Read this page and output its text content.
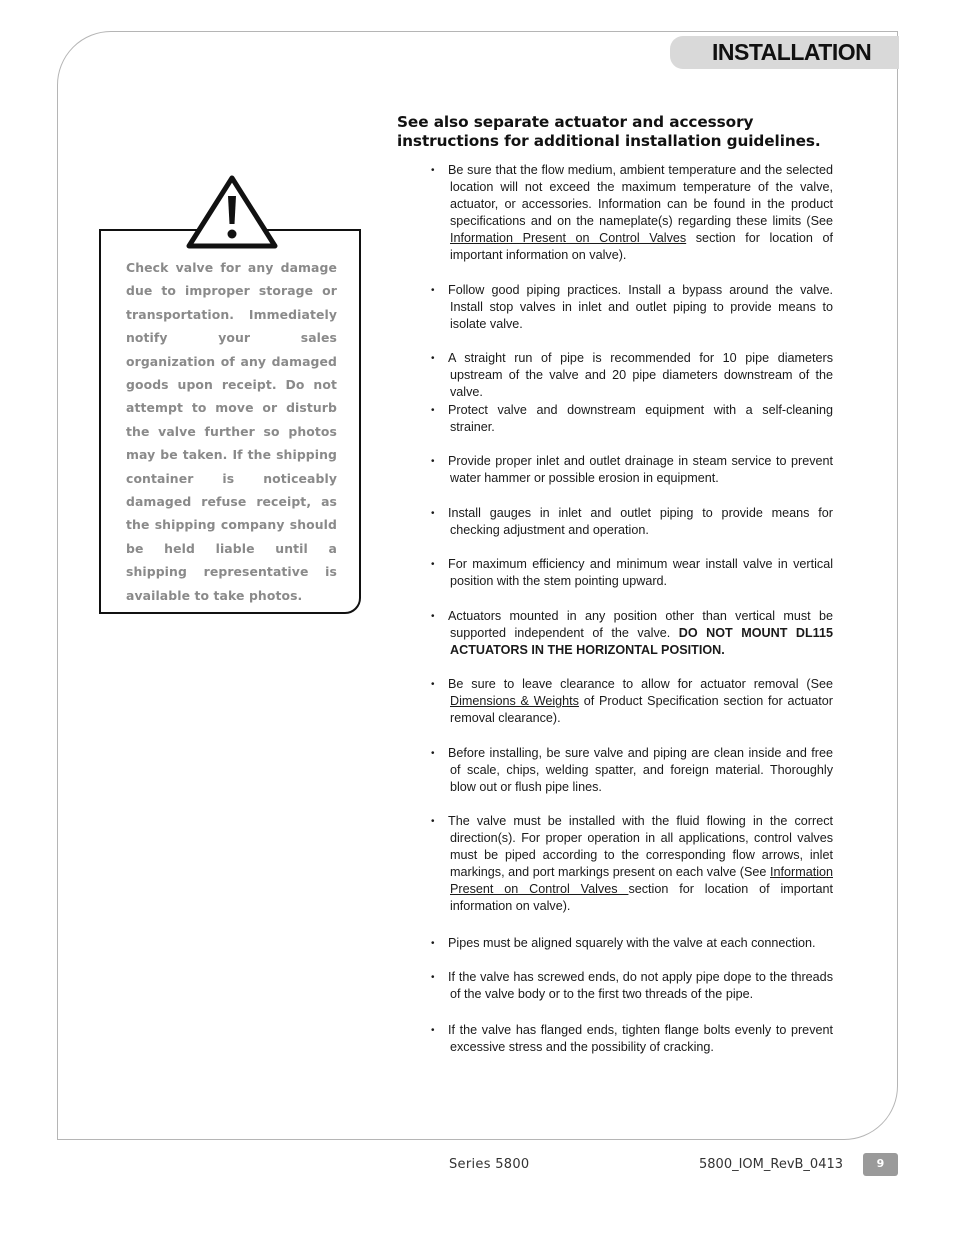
INSTALLATION
See also separate actuator and accessory instructions for additional installation guidelines.
•	Be sure that the flow medium, ambient temperature and the selected location will not exceed the maximum temperature of the valve, actuator, or accessories. Information can be found in the product specifications and on the nameplate(s) regarding these limits (See Information Present on Control Valves section for location of important information on valve).
•	Follow good piping practices. Install a bypass around the valve. Install stop valves in inlet and outlet piping to provide means to isolate valve.
•	A straight run of pipe is recommended for 10 pipe diameters upstream of the valve and 20 pipe diameters downstream of the valve.
•	Protect valve and downstream equipment with a self-cleaning strainer.
•	Provide proper inlet and outlet drainage in steam service to prevent water hammer or possible erosion in equipment.
•	Install gauges in inlet and outlet piping to provide means for checking adjustment and operation.
•	For maximum efficiency and minimum wear install valve in vertical position with the stem pointing upward.
•	Actuators mounted in any position other than vertical must be supported independent of the valve. DO NOT MOUNT DL115 ACTUATORS IN THE HORIZONTAL POSITION.
•	Be sure to leave clearance to allow for actuator removal (See Dimensions & Weights of Product Specification section for actuator removal clearance).
•	Before installing, be sure valve and piping are clean inside and free of scale, chips, welding spatter, and foreign material. Thoroughly blow out or flush pipe lines.
•	The valve must be installed with the fluid flowing in the correct direction(s). For proper operation in all applications, control valves must be piped according to the corresponding flow arrows, inlet markings, and port markings present on each valve (See Information Present on Control Valves section for location of important information on valve).
•	Pipes must be aligned squarely with the valve at each connection.
•	If the valve has screwed ends, do not apply pipe dope to the threads of the valve body or to the first two threads of the pipe.
•	If the valve has flanged ends, tighten flange bolts evenly to prevent excessive stress and the possibility of cracking.
Check valve for any damage due to improper storage or transportation. Immediately notify your sales organization of any damaged goods upon receipt. Do not attempt to move or disturb the valve further so photos may be taken. If the shipping container is noticeably damaged refuse receipt, as the shipping company should be held liable until a shipping representative is available to take photos.
Series 5800	5800_IOM_RevB_0413	9
